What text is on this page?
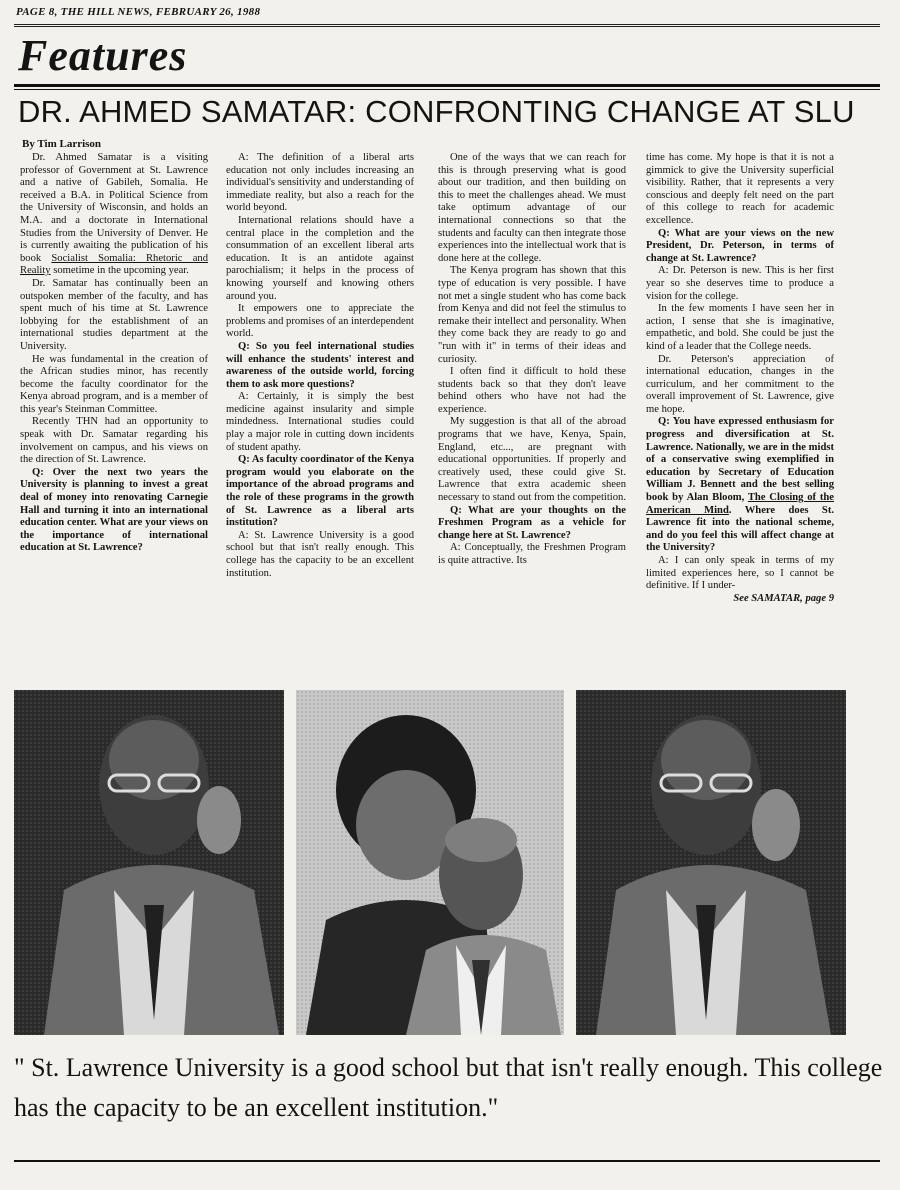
PAGE 8, THE HILL NEWS, FEBRUARY 26, 1988
Features
DR. AHMED SAMATAR: CONFRONTING CHANGE AT SLU
By Tim Larrison

Dr. Ahmed Samatar is a visiting professor of Government at St. Lawrence and a native of Gabileh, Somalia. He received a B.A. in Political Science from the University of Wisconsin, and holds an M.A. and a doctorate in International Studies from the University of Denver. He is currently awaiting the publication of his book Socialist Somalia: Rhetoric and Reality sometime in the upcoming year.

Dr. Samatar has continually been an outspoken member of the faculty, and has spent much of his time at St. Lawrence lobbying for the establishment of an international studies department at the University.

He was fundamental in the creation of the African studies minor, has recently become the faculty coordinator for the Kenya abroad program, and is a member of this year's Steinman Committee.

Recently THN had an opportunity to speak with Dr. Samatar regarding his involvement on campus, and his views on the direction of St. Lawrence.

Q: Over the next two years the University is planning to invest a great deal of money into renovating Carnegie Hall and turning it into an international education center. What are your views on the importance of international education at St. Lawrence?

A: The definition of a liberal arts education not only includes increasing an individual's sensitivity and understanding of immediate reality, but also a reach for the world beyond.

International relations should have a central place in the completion and the consummation of an excellent liberal arts education. It is an antidote against parochialism; it helps in the process of knowing yourself and knowing others around you.

It empowers one to appreciate the problems and promises of an interdependent world.

Q: So you feel international studies will enhance the students' interest and awareness of the outside world, forcing them to ask more questions?

A: Certainly, it is simply the best medicine against insularity and simple mindedness. International studies could play a major role in cutting down incidents of student apathy.

Q: As faculty coordinator of the Kenya program would you elaborate on the importance of the abroad programs and the role of these programs in the growth of St. Lawrence as a liberal arts institution?

A: St. Lawrence University is a good school but that isn't really enough. This college has the capacity to be an excellent institution.

One of the ways that we can reach for this is through preserving what is good about our tradition, and then building on this to meet the challenges ahead. We must take optimum advantage of our international connections so that the students and faculty can then integrate those experiences into the intellectual work that is done here at the college.

The Kenya program has shown that this type of education is very possible. I have not met a single student who has come back from Kenya and did not feel the stimulus to remake their intellect and personality. When they come back they are ready to go and "run with it" in terms of their ideas and curiosity.

I often find it difficult to hold these students back so that they don't leave behind others who have not had the experience.

My suggestion is that all of the abroad programs that we have, Kenya, Spain, England, etc..., are pregnant with educational opportunities. If properly and creatively used, these could give St. Lawrence that extra academic sheen necessary to stand out from the competition.

Q: What are your thoughts on the Freshmen Program as a vehicle for change here at St. Lawrence?

A: Conceptually, the Freshmen Program is quite attractive. Its

time has come. My hope is that it is not a gimmick to give the University superficial visibility. Rather, that it represents a very conscious and deeply felt need on the part of this college to reach for academic excellence.

Q: What are your views on the new President, Dr. Peterson, in terms of change at St. Lawrence?

A: Dr. Peterson is new. This is her first year so she deserves time to produce a vision for the college.

In the few moments I have seen her in action, I sense that she is imaginative, empathetic, and bold. She could be just the kind of a leader that the College needs.

Dr. Peterson's appreciation of international education, changes in the curriculum, and her commitment to the overall improvement of St. Lawrence, give me hope.

Q: You have expressed enthusiasm for progress and diversification at St. Lawrence. Nationally, we are in the midst of a conservative swing exemplified in education by Secretary of Education William J. Bennett and the best selling book by Alan Bloom, The Closing of the American Mind. Where does St. Lawrence fit into the national scheme, and do you feel this will affect change at the University?

A: I can only speak in terms of my limited experiences here, so I cannot be definitive. If I under-

See SAMATAR, page 9

" St. Lawrence University is a good school but that isn't really enough. This college has the capacity to be an excellent institution."
